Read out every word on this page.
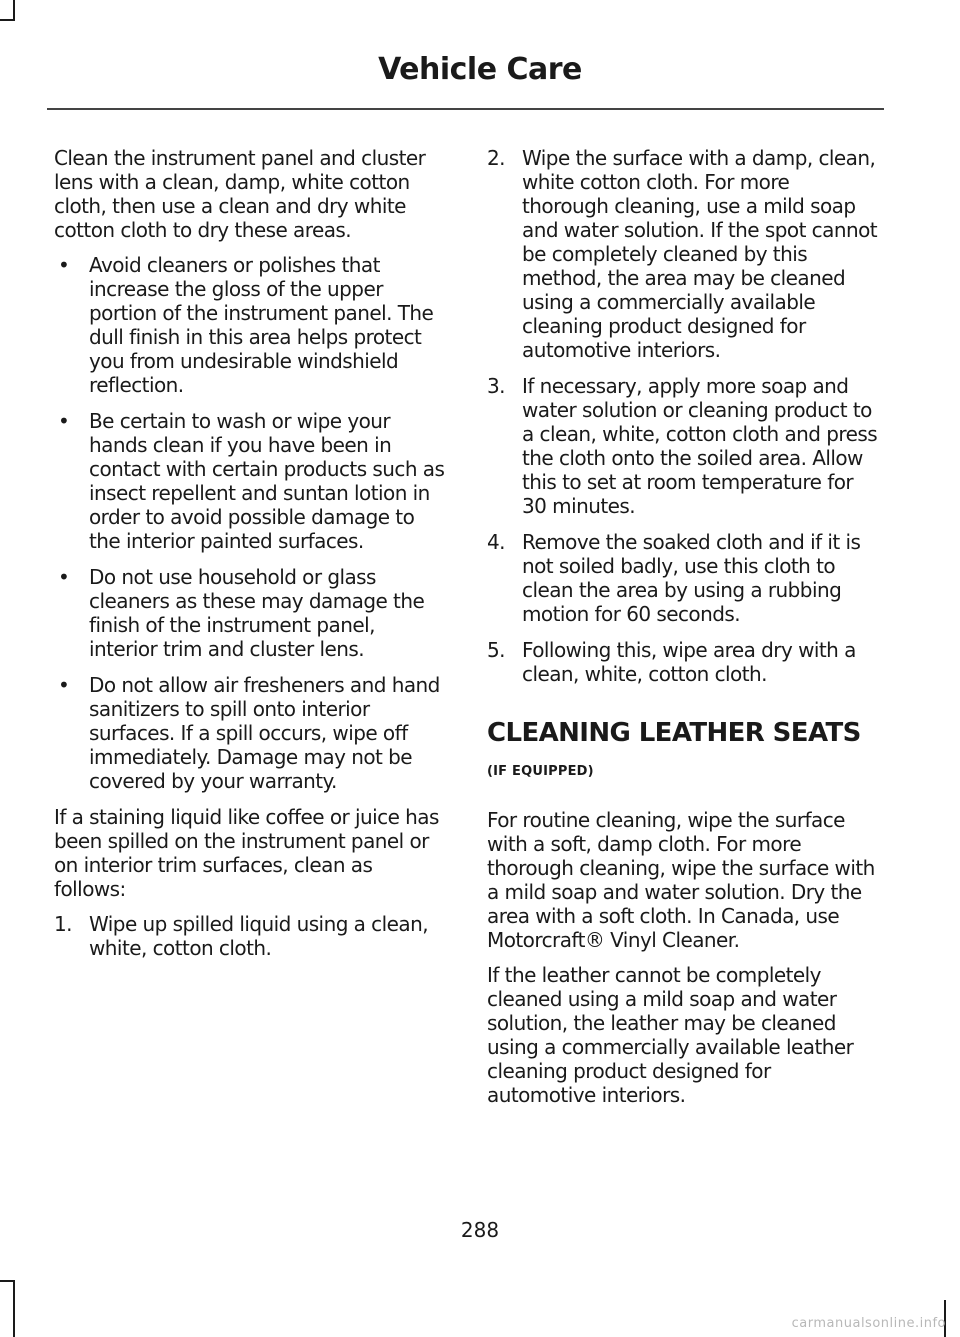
Vehicle Care

Clean the instrument panel and cluster lens with a clean, damp, white cotton cloth, then use a clean and dry white cotton cloth to dry these areas.

• Avoid cleaners or polishes that increase the gloss of the upper portion of the instrument panel. The dull finish in this area helps protect you from undesirable windshield reflection.
• Be certain to wash or wipe your hands clean if you have been in contact with certain products such as insect repellent and suntan lotion in order to avoid possible damage to the interior painted surfaces.
• Do not use household or glass cleaners as these may damage the finish of the instrument panel, interior trim and cluster lens.
• Do not allow air fresheners and hand sanitizers to spill onto interior surfaces. If a spill occurs, wipe off immediately. Damage may not be covered by your warranty.

If a staining liquid like coffee or juice has been spilled on the instrument panel or on interior trim surfaces, clean as follows:

1. Wipe up spilled liquid using a clean, white, cotton cloth.
2. Wipe the surface with a damp, clean, white cotton cloth. For more thorough cleaning, use a mild soap and water solution. If the spot cannot be completely cleaned by this method, the area may be cleaned using a commercially available cleaning product designed for automotive interiors.
3. If necessary, apply more soap and water solution or cleaning product to a clean, white, cotton cloth and press the cloth onto the soiled area. Allow this to set at room temperature for 30 minutes.
4. Remove the soaked cloth and if it is not soiled badly, use this cloth to clean the area by using a rubbing motion for 60 seconds.
5. Following this, wipe area dry with a clean, white, cotton cloth.
CLEANING LEATHER SEATS
(IF EQUIPPED)

For routine cleaning, wipe the surface with a soft, damp cloth. For more thorough cleaning, wipe the surface with a mild soap and water solution. Dry the area with a soft cloth. In Canada, use Motorcraft® Vinyl Cleaner.

If the leather cannot be completely cleaned using a mild soap and water solution, the leather may be cleaned using a commercially available leather cleaning product designed for automotive interiors.

288
carmanualsonline.info
